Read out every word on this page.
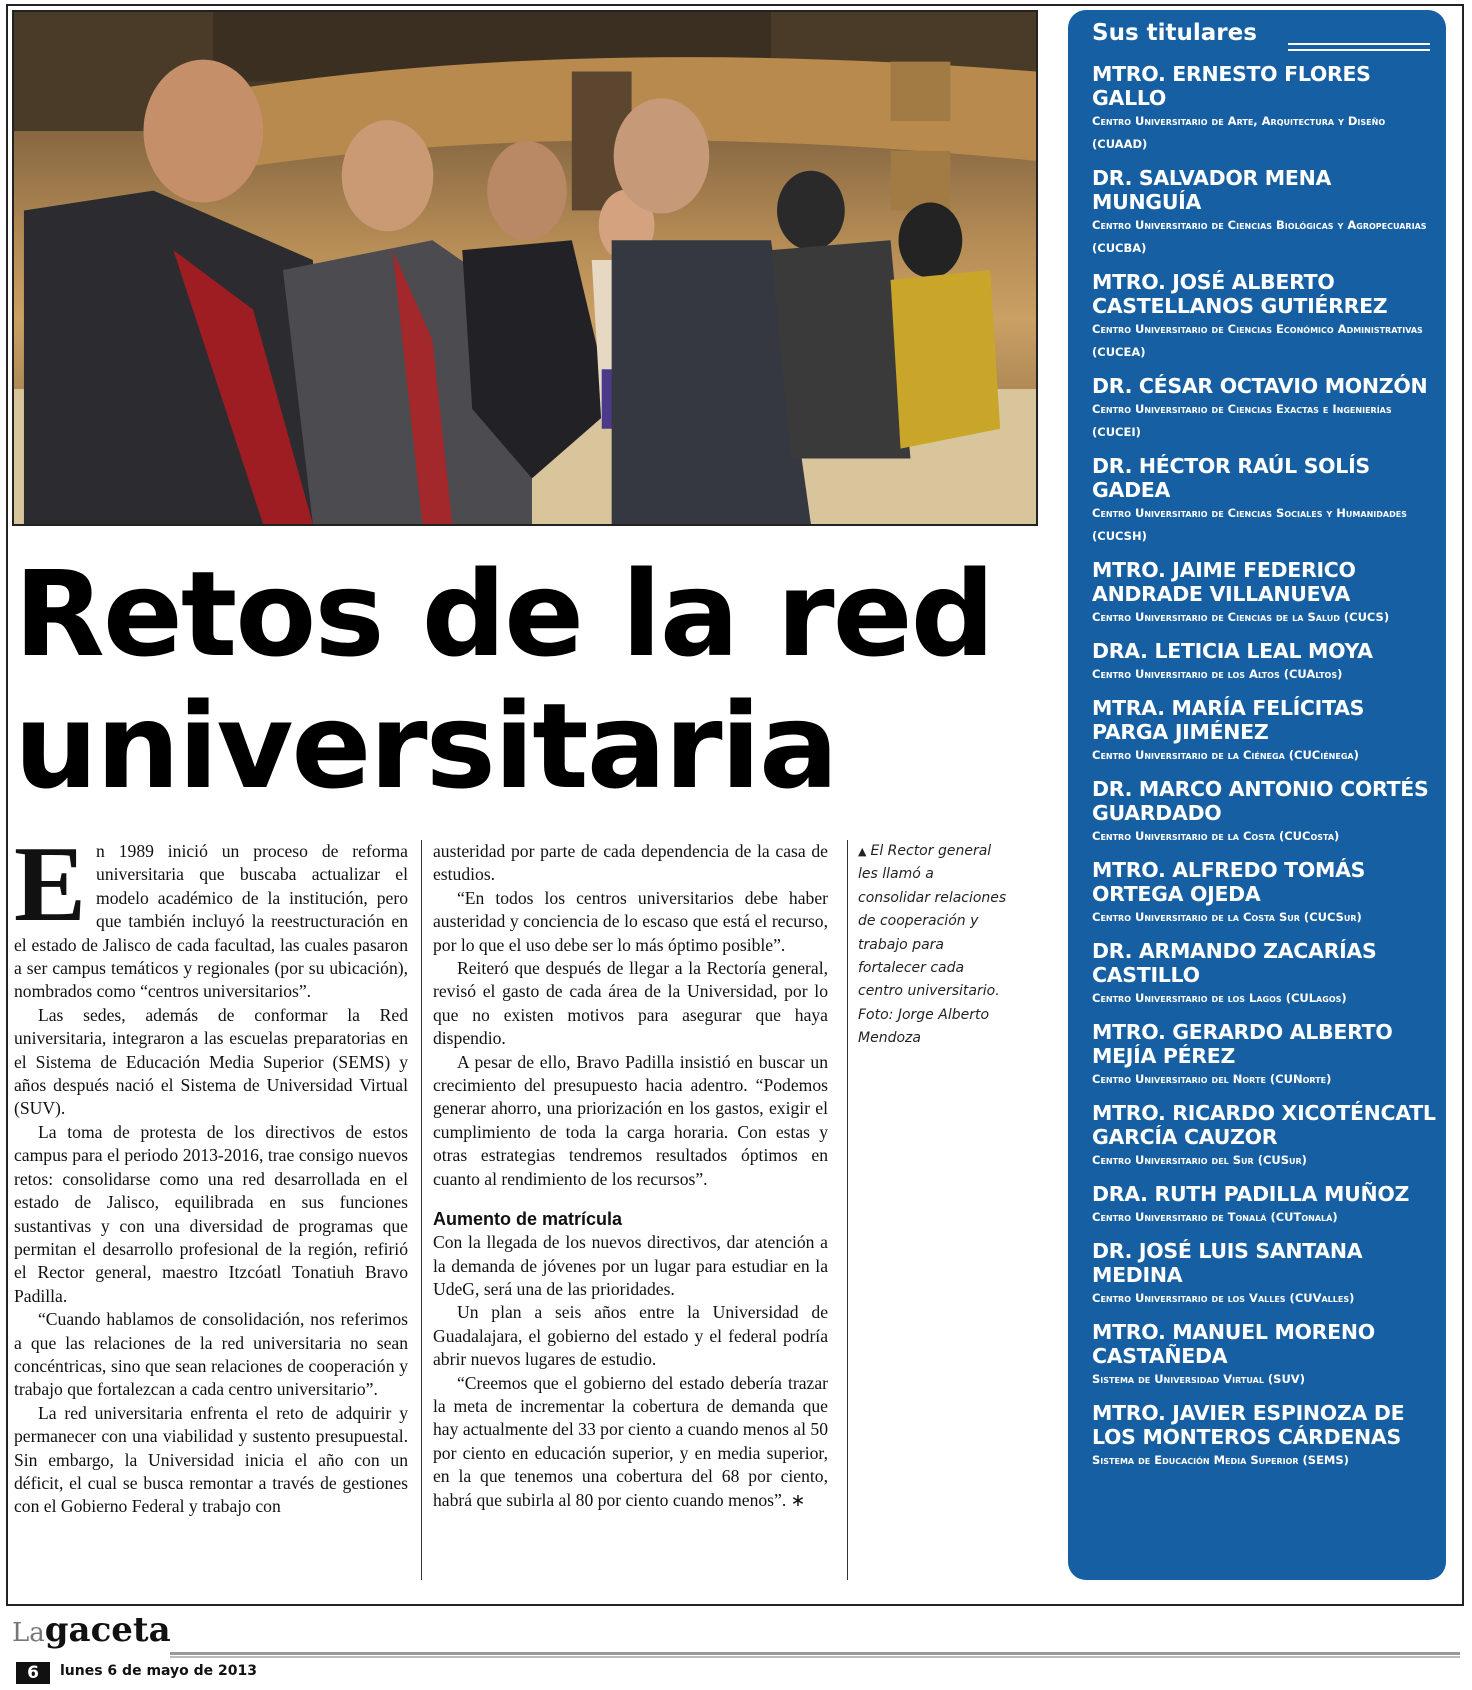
Retos de la red
universitaria
E n 1989 inició un proceso de reforma universitaria que buscaba actualizar el modelo académico de la institución, pero que también incluyó la reestructuración en el estado de Jalisco de cada facultad, las cuales pasaron a ser campus temáticos y regionales (por su ubicación), nombrados como “centros universitarios”.

Las sedes, además de conformar la Red universitaria, integraron a las escuelas preparatorias en el Sistema de Educación Media Superior (SEMS) y años después nació el Sistema de Universidad Virtual (SUV).

La toma de protesta de los directivos de estos campus para el periodo 2013-2016, trae consigo nuevos retos: consolidarse como una red desarrollada en el estado de Jalisco, equilibrada en sus funciones sustantivas y con una diversidad de programas que permitan el desarrollo profesional de la región, refirió el Rector general, maestro Itzcóatl Tonatiuh Bravo Padilla.

“Cuando hablamos de consolidación, nos referimos a que las relaciones de la red universitaria no sean concéntricas, sino que sean relaciones de cooperación y trabajo que fortalezcan a cada centro universitario”.

La red universitaria enfrenta el reto de adquirir y permanecer con una viabilidad y sustento presupuestal. Sin embargo, la Universidad inicia el año con un déficit, el cual se busca remontar a través de gestiones con el Gobierno Federal y trabajo con

austeridad por parte de cada dependencia de la casa de estudios.

“En todos los centros universitarios debe haber austeridad y conciencia de lo escaso que está el recurso, por lo que el uso debe ser lo más óptimo posible”.

Reiteró que después de llegar a la Rectoría general, revisó el gasto de cada área de la Universidad, por lo que no existen motivos para asegurar que haya dispendio.

A pesar de ello, Bravo Padilla insistió en buscar un crecimiento del presupuesto hacia adentro. “Podemos generar ahorro, una priorización en los gastos, exigir el cumplimiento de toda la carga horaria. Con estas y otras estrategias tendremos resultados óptimos en cuanto al rendimiento de los recursos”.

Aumento de matrícula

Con la llegada de los nuevos directivos, dar atención a la demanda de jóvenes por un lugar para estudiar en la UdeG, será una de las prioridades.

Un plan a seis años entre la Universidad de Guadalajara, el gobierno del estado y el federal podría abrir nuevos lugares de estudio.

“Creemos que el gobierno del estado debería trazar la meta de incrementar la cobertura de demanda que hay actualmente del 33 por ciento a cuando menos al 50 por ciento en educación superior, y en media superior, en la que tenemos una cobertura del 68 por ciento, habrá que subirla al 80 por ciento cuando menos”. ∗

▲ El Rector general les llamó a consolidar relaciones de cooperación y trabajo para fortalecer cada centro universitario. Foto: Jorge Alberto Mendoza
Sus titulares
MTRO. ERNESTO FLORES GALLO
Centro Universitario de Arte, Arquitectura y Diseño (CUAAD)
DR. SALVADOR MENA MUNGUÍA
Centro Universitario de Ciencias Biológicas y Agropecuarias (CUCBA)
MTRO. JOSÉ ALBERTO CASTELLANOS GUTIÉRREZ
Centro Universitario de Ciencias Económico Administrativas (CUCEA)
DR. CÉSAR OCTAVIO MONZÓN
Centro Universitario de Ciencias Exactas e Ingenierías (CUCEI)
DR. HÉCTOR RAÚL SOLÍS GADEA
Centro Universitario de Ciencias Sociales y Humanidades (CUCSH)
MTRO. JAIME FEDERICO ANDRADE VILLANUEVA
Centro Universitario de Ciencias de la Salud (CUCS)
DRA. LETICIA LEAL MOYA
Centro Universitario de los Altos (CUAltos)
MTRA. MARÍA FELÍCITAS PARGA JIMÉNEZ
Centro Universitario de la Ciénega (CUCiénega)
DR. MARCO ANTONIO CORTÉS GUARDADO
Centro Universitario de la Costa (CUCosta)
MTRO. ALFREDO TOMÁS ORTEGA OJEDA
Centro Universitario de la Costa Sur (CUCSur)
DR. ARMANDO ZACARÍAS CASTILLO
Centro Universitario de los Lagos (CULagos)
MTRO. GERARDO ALBERTO MEJÍA PÉREZ
Centro Universitario del Norte (CUNorte)
MTRO. RICARDO XICOTÉNCATL GARCÍA CAUZOR
Centro Universitario del Sur (CUSur)
DRA. RUTH PADILLA MUÑOZ
Centro Universitario de Tonalá (CUTonalá)
DR. JOSÉ LUIS SANTANA MEDINA
Centro Universitario de los Valles (CUValles)
MTRO. MANUEL MORENO CASTAÑEDA
Sistema de Universidad Virtual (SUV)
MTRO. JAVIER ESPINOZA DE LOS MONTEROS CÁRDENAS
Sistema de Educación Media Superior (SEMS)
Lagaceta
6	lunes 6 de mayo de 2013
